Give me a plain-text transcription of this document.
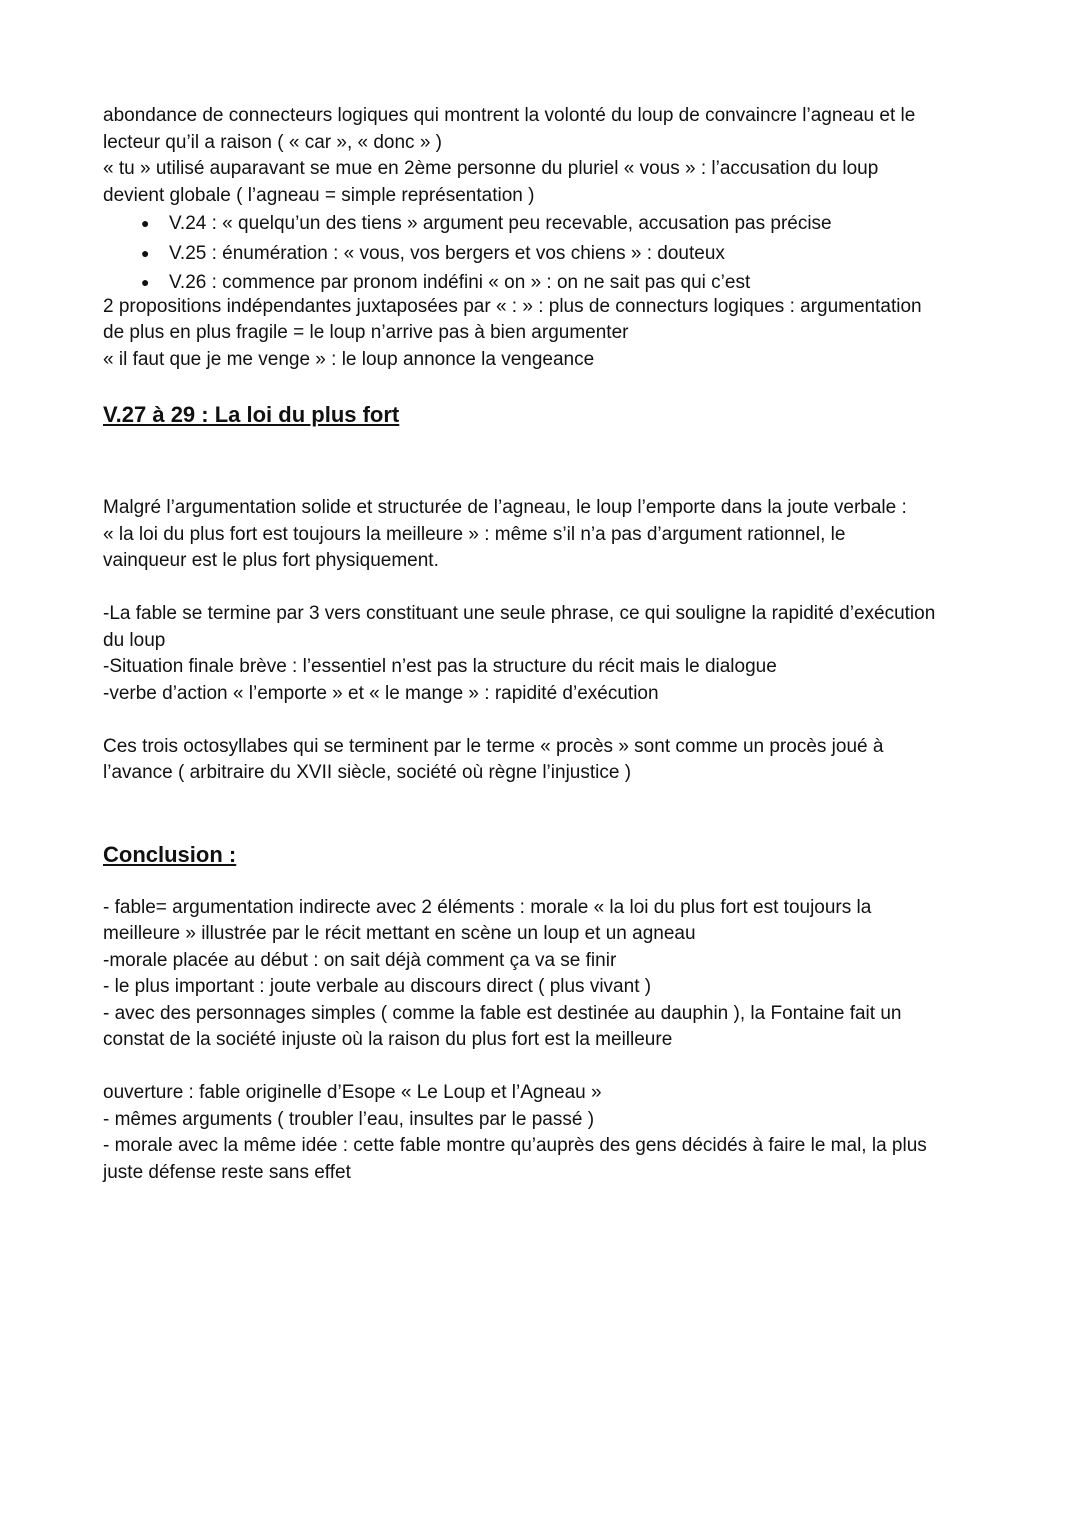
abondance de connecteurs logiques qui montrent la volonté du loup de convaincre l’agneau et le
lecteur qu’il a raison ( « car », « donc » )
« tu » utilisé auparavant se mue en 2ème personne du pluriel « vous » : l’accusation du loup
devient globale ( l’agneau = simple représentation )
● V.24 : « quelqu’un des tiens » argument peu recevable, accusation pas précise
● V.25 : énumération : « vous, vos bergers et vos chiens » : douteux
● V.26 : commence par pronom indéfini « on » : on ne sait pas qui c’est
2 propositions indépendantes juxtaposées par « : » : plus de connecturs logiques : argumentation
de plus en plus fragile = le loup n’arrive pas à bien argumenter
« il faut que je me venge » : le loup annonce la vengeance
V.27 à 29 : La loi du plus fort
Malgré l’argumentation solide et structurée de l’agneau, le loup l’emporte dans la joute verbale :
« la loi du plus fort est toujours la meilleure » : même s’il n’a pas d’argument rationnel, le
vainqueur est le plus fort physiquement.
-La fable se termine par 3 vers constituant une seule phrase, ce qui souligne la rapidité d’exécution
du loup
-Situation finale brève : l’essentiel n’est pas la structure du récit mais le dialogue
-verbe d’action « l’emporte » et « le mange » : rapidité d’exécution
Ces trois octosyllabes qui se terminent par le terme « procès » sont comme un procès joué à
l’avance ( arbitraire du XVII siècle, société où règne l’injustice )
Conclusion :
- fable= argumentation indirecte avec 2 éléments : morale « la loi du plus fort est toujours la
meilleure » illustrée par le récit mettant en scène un loup et un agneau
-morale placée au début : on sait déjà comment ça va se finir
- le plus important : joute verbale au discours direct ( plus vivant )
- avec des personnages simples ( comme la fable est destinée au dauphin ), la Fontaine fait un
constat de la société injuste où la raison du plus fort est la meilleure
ouverture : fable originelle d’Esope « Le Loup et l’Agneau »
- mêmes arguments ( troubler l’eau, insultes par le passé )
- morale avec la même idée : cette fable montre qu’auprès des gens décidés à faire le mal, la plus
juste défense reste sans effet
